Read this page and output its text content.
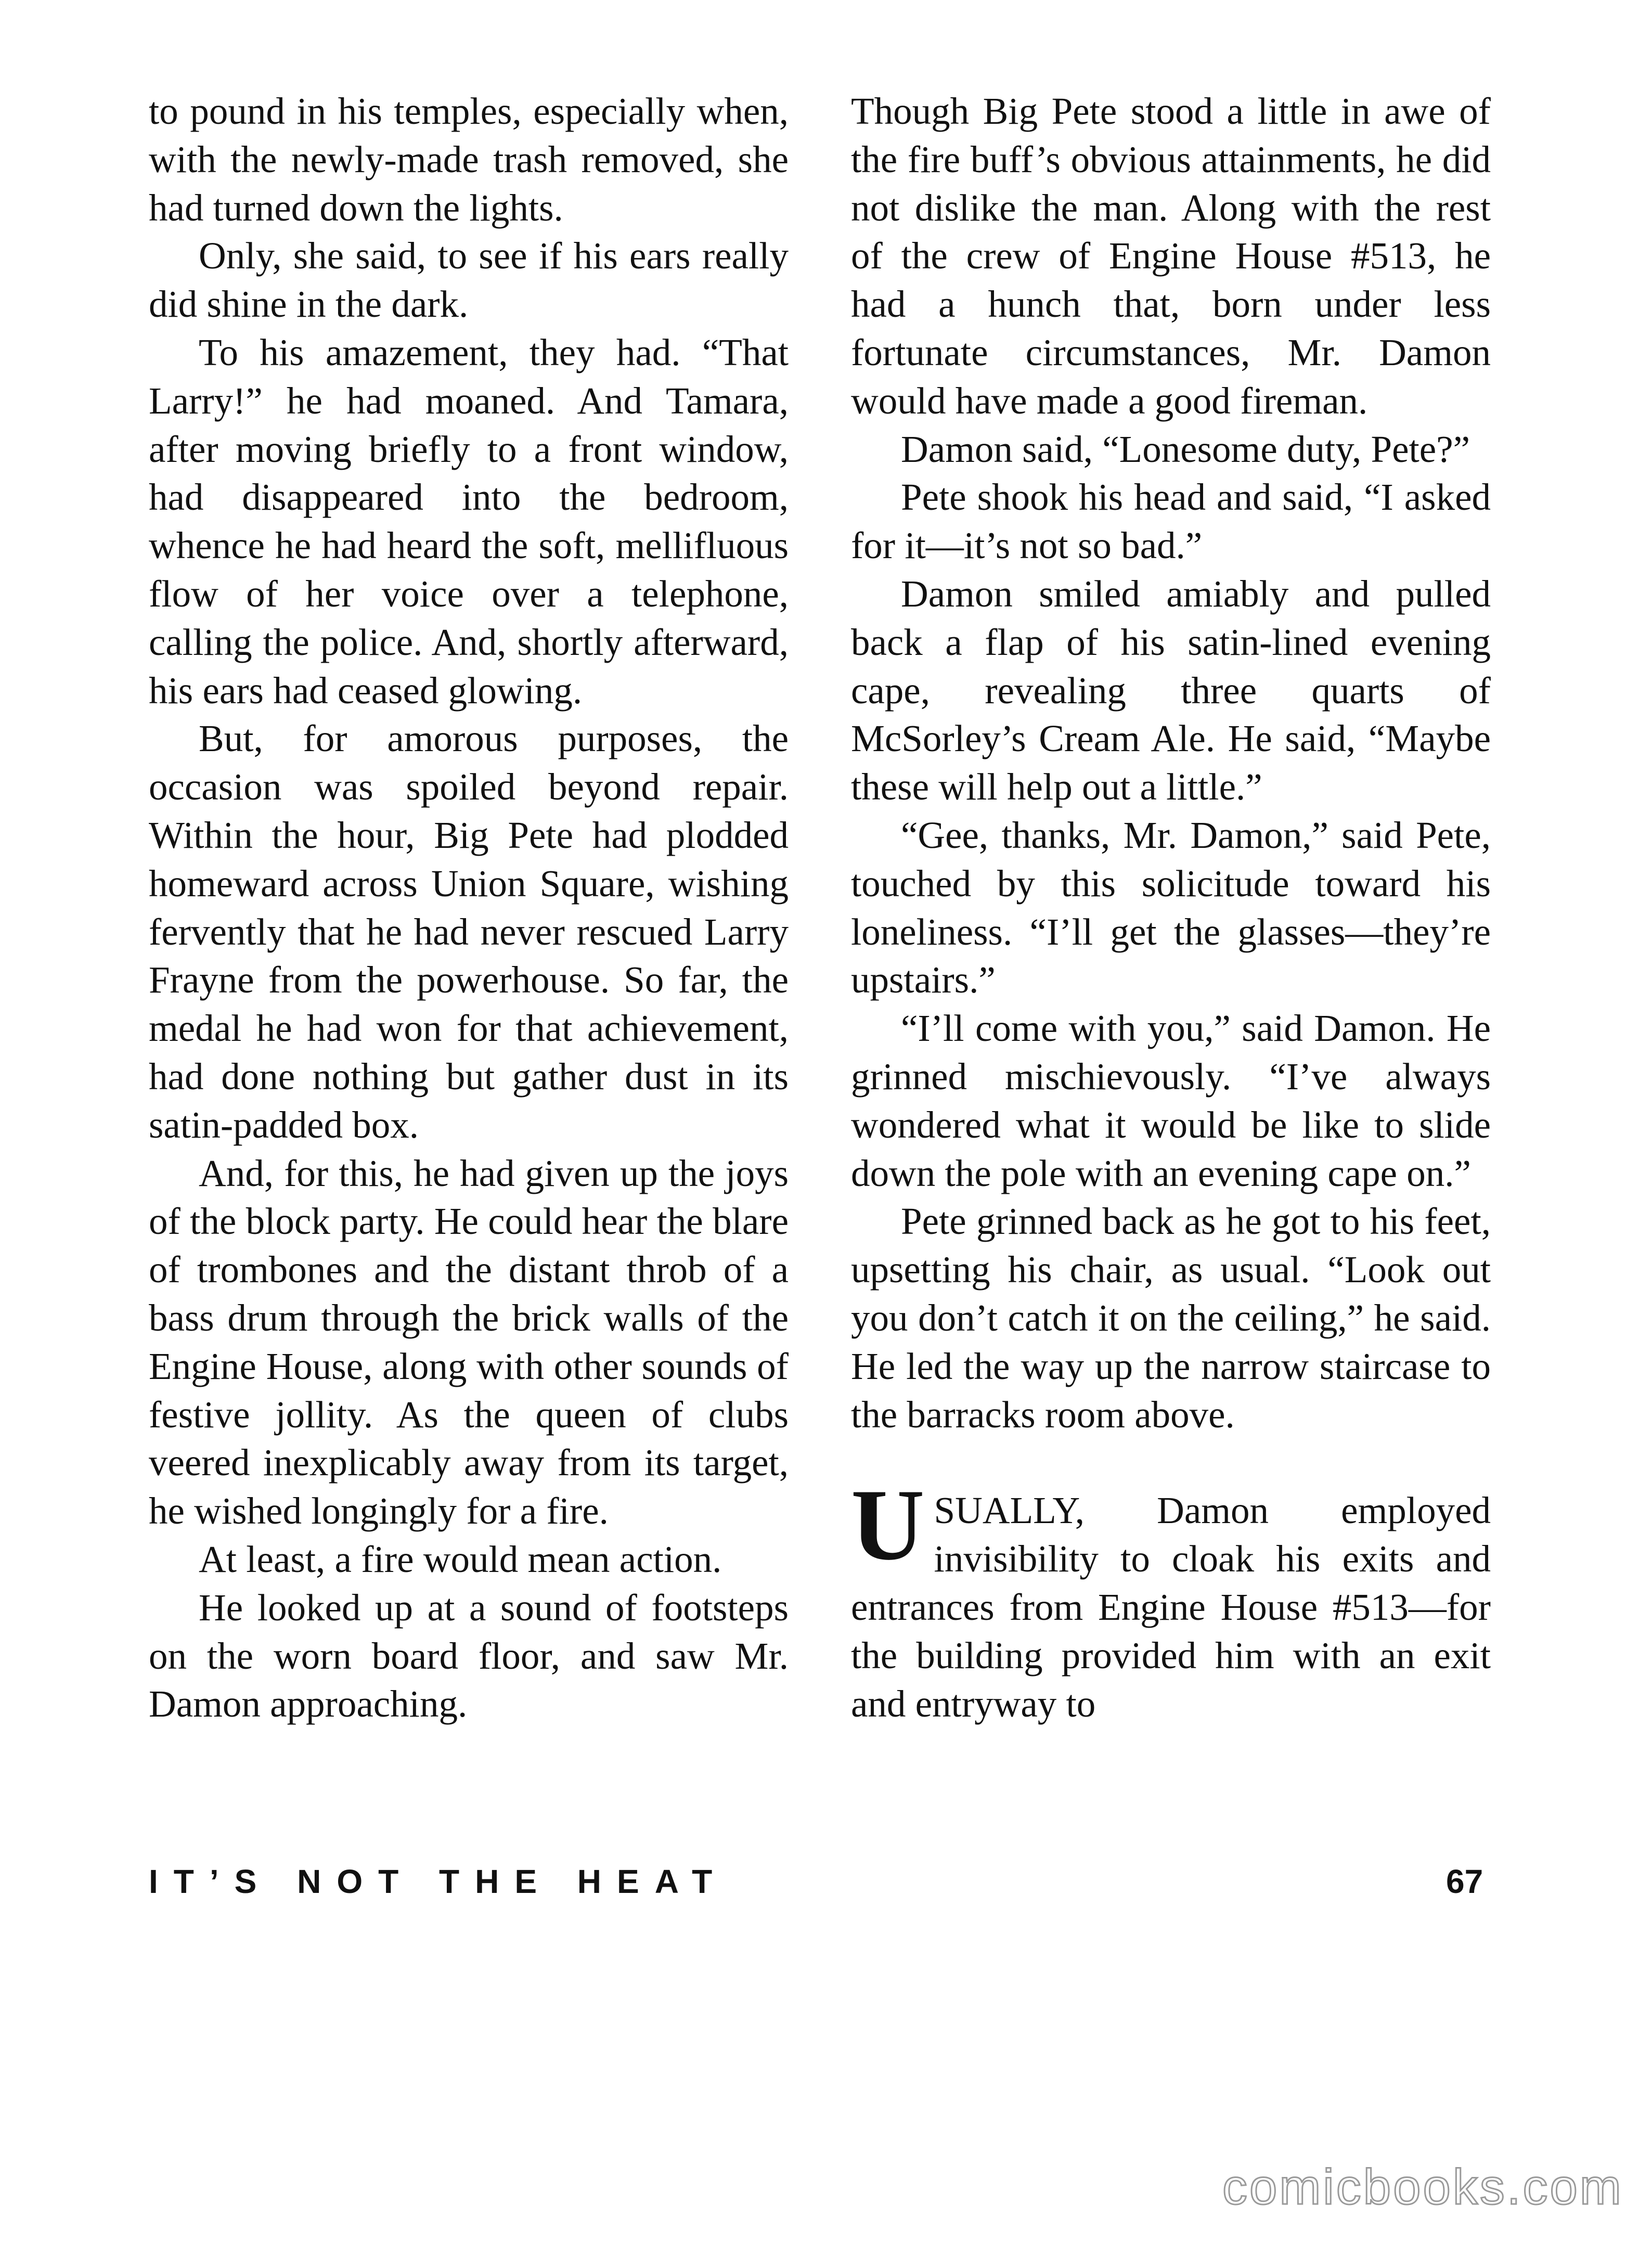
to pound in his temples, especially when, with the newly-made trash removed, she had turned down the lights.

Only, she said, to see if his ears really did shine in the dark.

To his amazement, they had. “That Larry!” he had moaned. And Tamara, after moving briefly to a front window, had disappeared into the bedroom, whence he had heard the soft, mellifluous flow of her voice over a telephone, calling the police. And, shortly afterward, his ears had ceased glowing.

But, for amorous purposes, the occasion was spoiled beyond repair. Within the hour, Big Pete had plodded homeward across Union Square, wishing fervently that he had never rescued Larry Frayne from the powerhouse. So far, the medal he had won for that achievement, had done nothing but gather dust in its satin-padded box.

And, for this, he had given up the joys of the block party. He could hear the blare of trombones and the distant throb of a bass drum through the brick walls of the Engine House, along with other sounds of festive jollity. As the queen of clubs veered inexplicably away from its target, he wished longingly for a fire.

At least, a fire would mean action.

He looked up at a sound of footsteps on the worn board floor, and saw Mr. Damon approaching.

Though Big Pete stood a little in awe of the fire buff’s obvious attainments, he did not dislike the man. Along with the rest of the crew of Engine House #513, he had a hunch that, born under less fortunate circumstances, Mr. Damon would have made a good fireman.

Damon said, “Lonesome duty, Pete?”

Pete shook his head and said, “I asked for it—it’s not so bad.”

Damon smiled amiably and pulled back a flap of his satin-lined evening cape, revealing three quarts of McSorley’s Cream Ale. He said, “Maybe these will help out a little.”

“Gee, thanks, Mr. Damon,” said Pete, touched by this solicitude toward his loneliness. “I’ll get the glasses—they’re upstairs.”

“I’ll come with you,” said Damon. He grinned mischievously. “I’ve always wondered what it would be like to slide down the pole with an evening cape on.”

Pete grinned back as he got to his feet, upsetting his chair, as usual. “Look out you don’t catch it on the ceiling,” he said. He led the way up the narrow staircase to the barracks room above.

USUALLY, Damon employed invisibility to cloak his exits and entrances from Engine House #513—for the building provided him with an exit and entryway to

IT’S NOT THE HEAT	67
comicbooks.com
